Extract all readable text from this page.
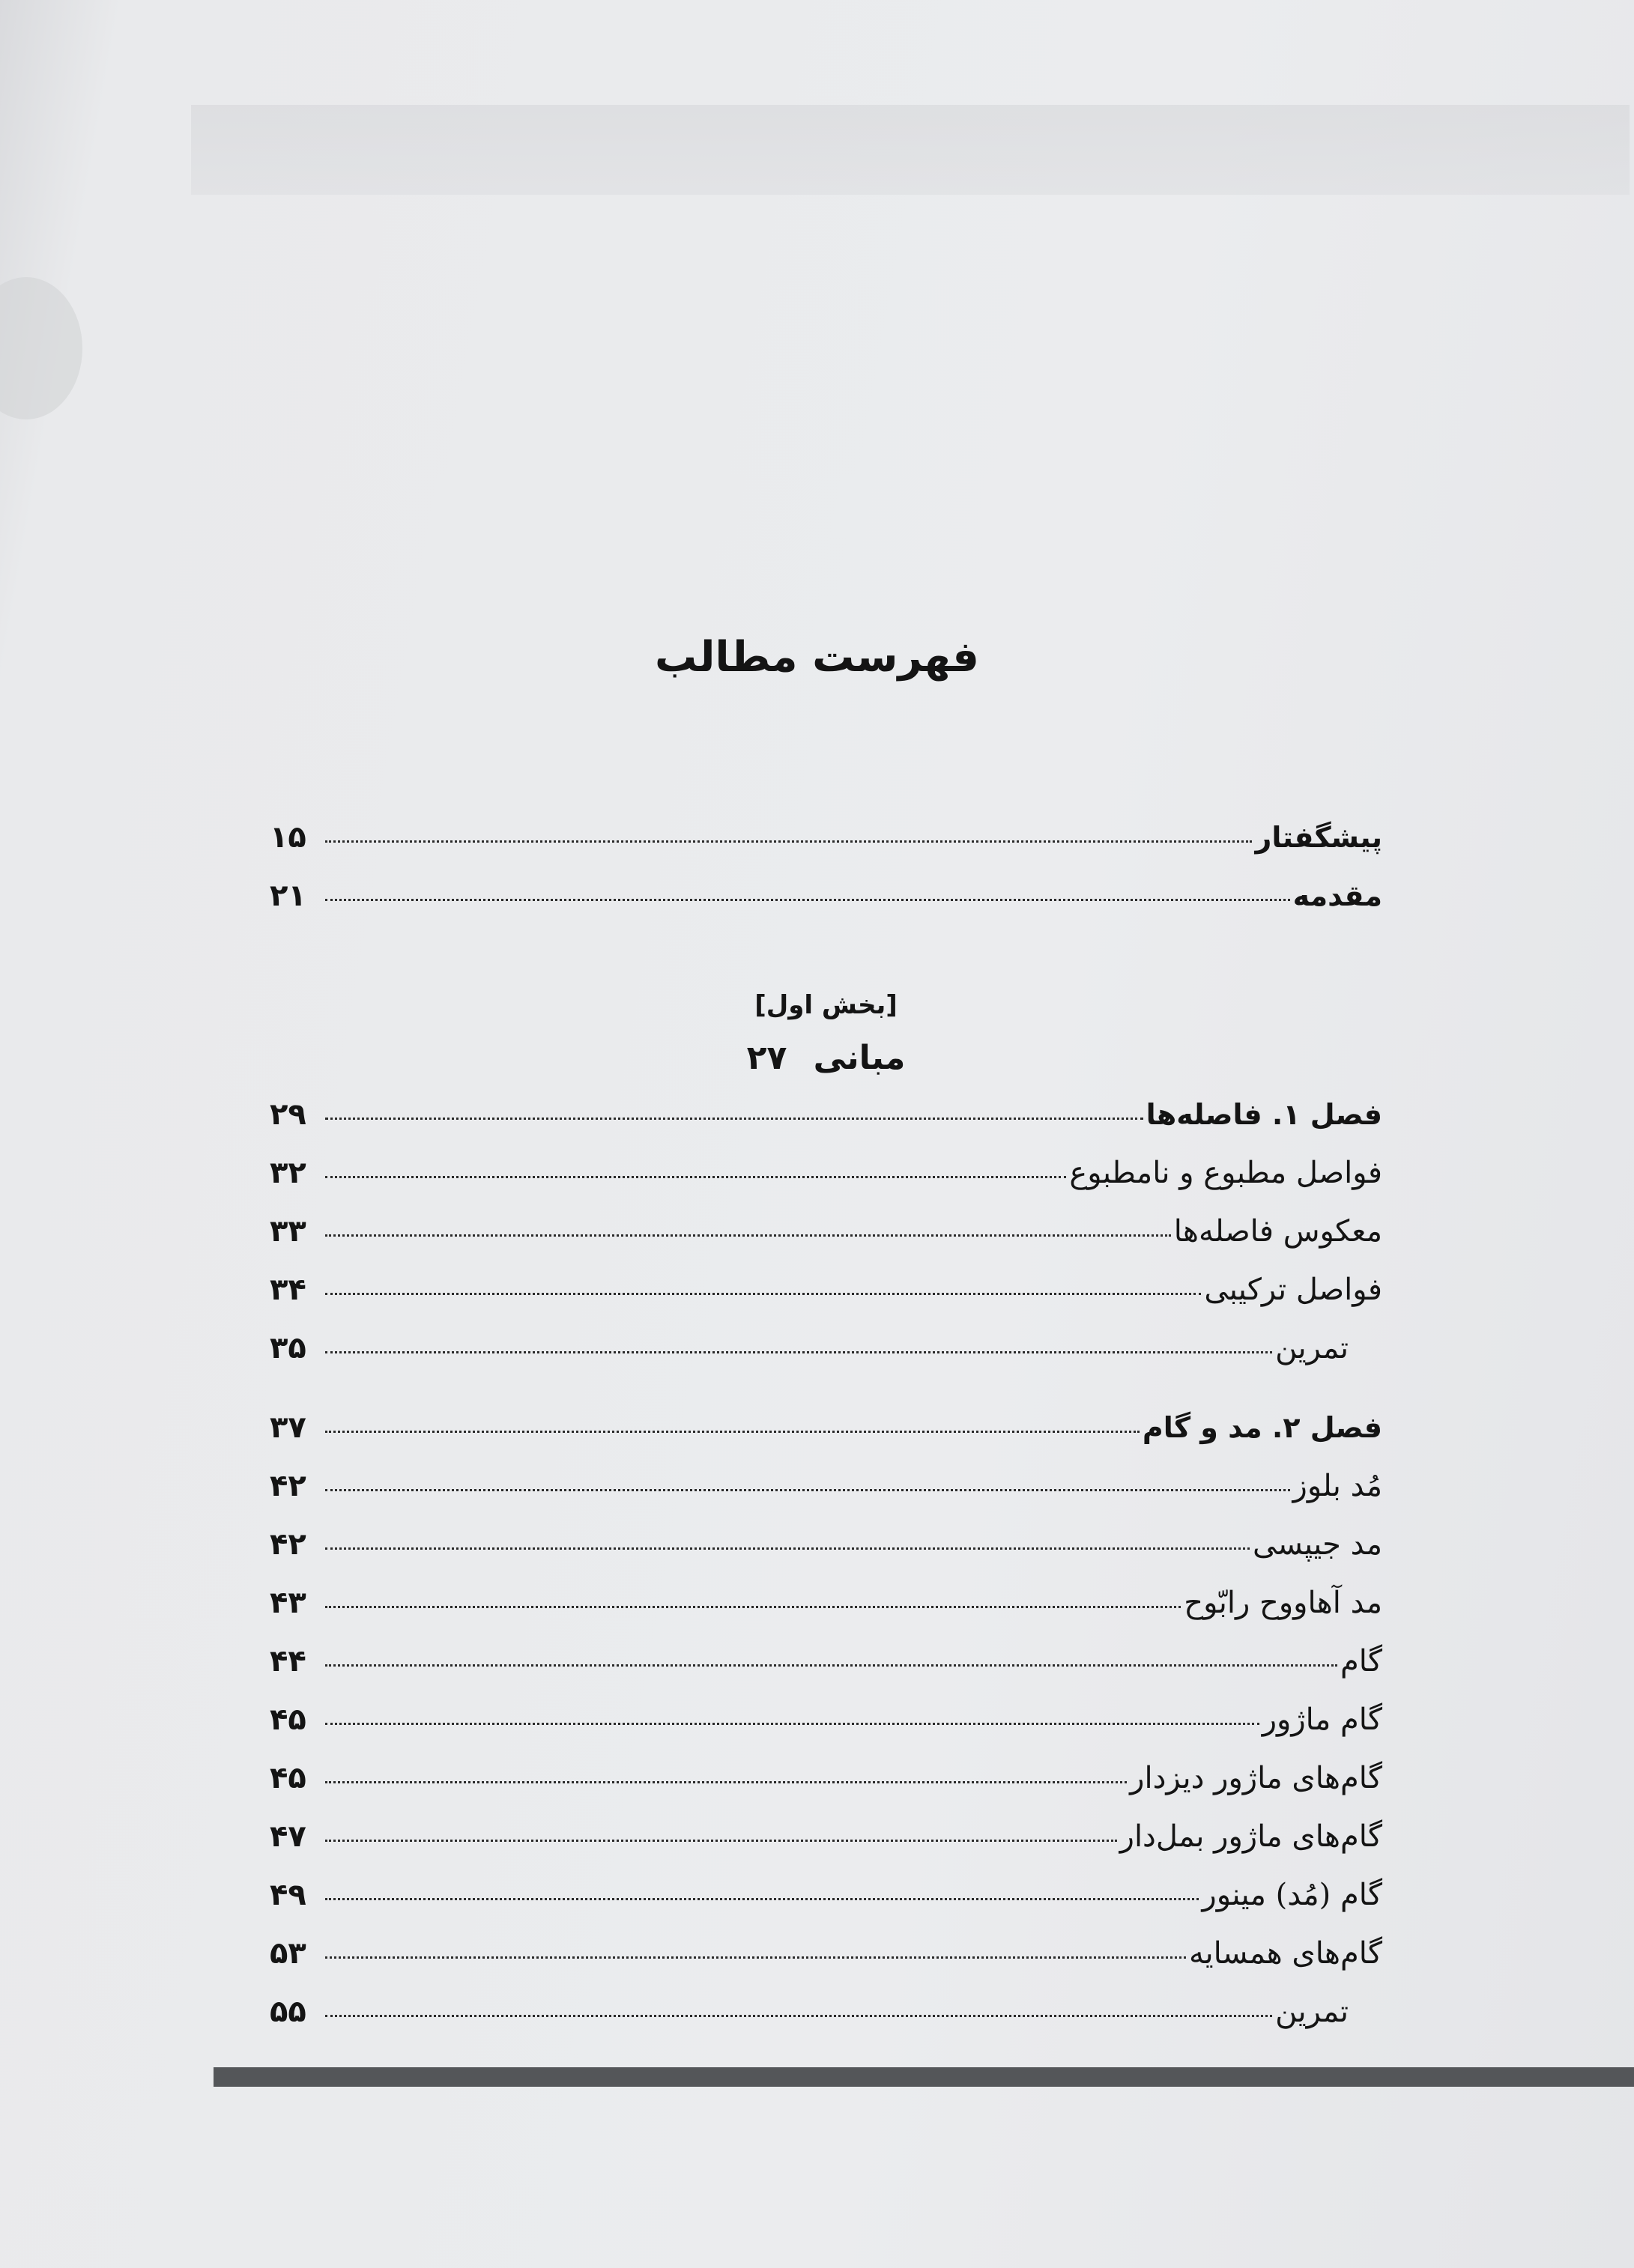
فهرست مطالب
پیشگفتار
۱۵
مقدمه
۲۱
[بخش اول]
مبانی ۲۷
فصل ۱. فاصله‌ها
۲۹
فواصل مطبوع و نامطبوع
۳۲
معکوس فاصله‌ها
۳۳
فواصل ترکیبی
۳۴
تمرین
۳۵
فصل ۲. مد و گام
۳۷
مُد بلوز
۴۲
مد جیپسی
۴۲
مد آهاووح رابّوح
۴۳
گام
۴۴
گام ماژور
۴۵
گام‌های ماژور دیزدار
۴۵
گام‌های ماژور بمل‌دار
۴۷
گام (مُد) مینور
۴۹
گام‌های همسایه
۵۳
تمرین
۵۵
